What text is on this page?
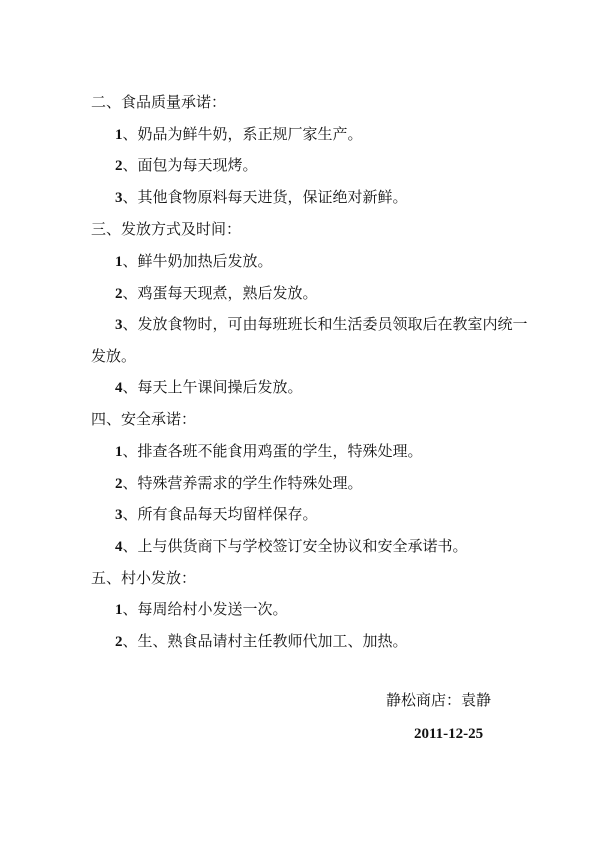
二、食品质量承诺：
1、奶品为鲜牛奶，系正规厂家生产。
2、面包为每天现烤。
3、其他食物原料每天进货，保证绝对新鲜。
三、发放方式及时间：
1、鲜牛奶加热后发放。
2、鸡蛋每天现煮，熟后发放。
3、发放食物时，可由每班班长和生活委员领取后在教室内统一
发放。
4、每天上午课间操后发放。
四、安全承诺：
1、排查各班不能食用鸡蛋的学生，特殊处理。
2、特殊营养需求的学生作特殊处理。
3、所有食品每天均留样保存。
4、上与供货商下与学校签订安全协议和安全承诺书。
五、村小发放：
1、每周给村小发送一次。
2、生、熟食品请村主任教师代加工、加热。
静松商店：袁静
2011-12-25
